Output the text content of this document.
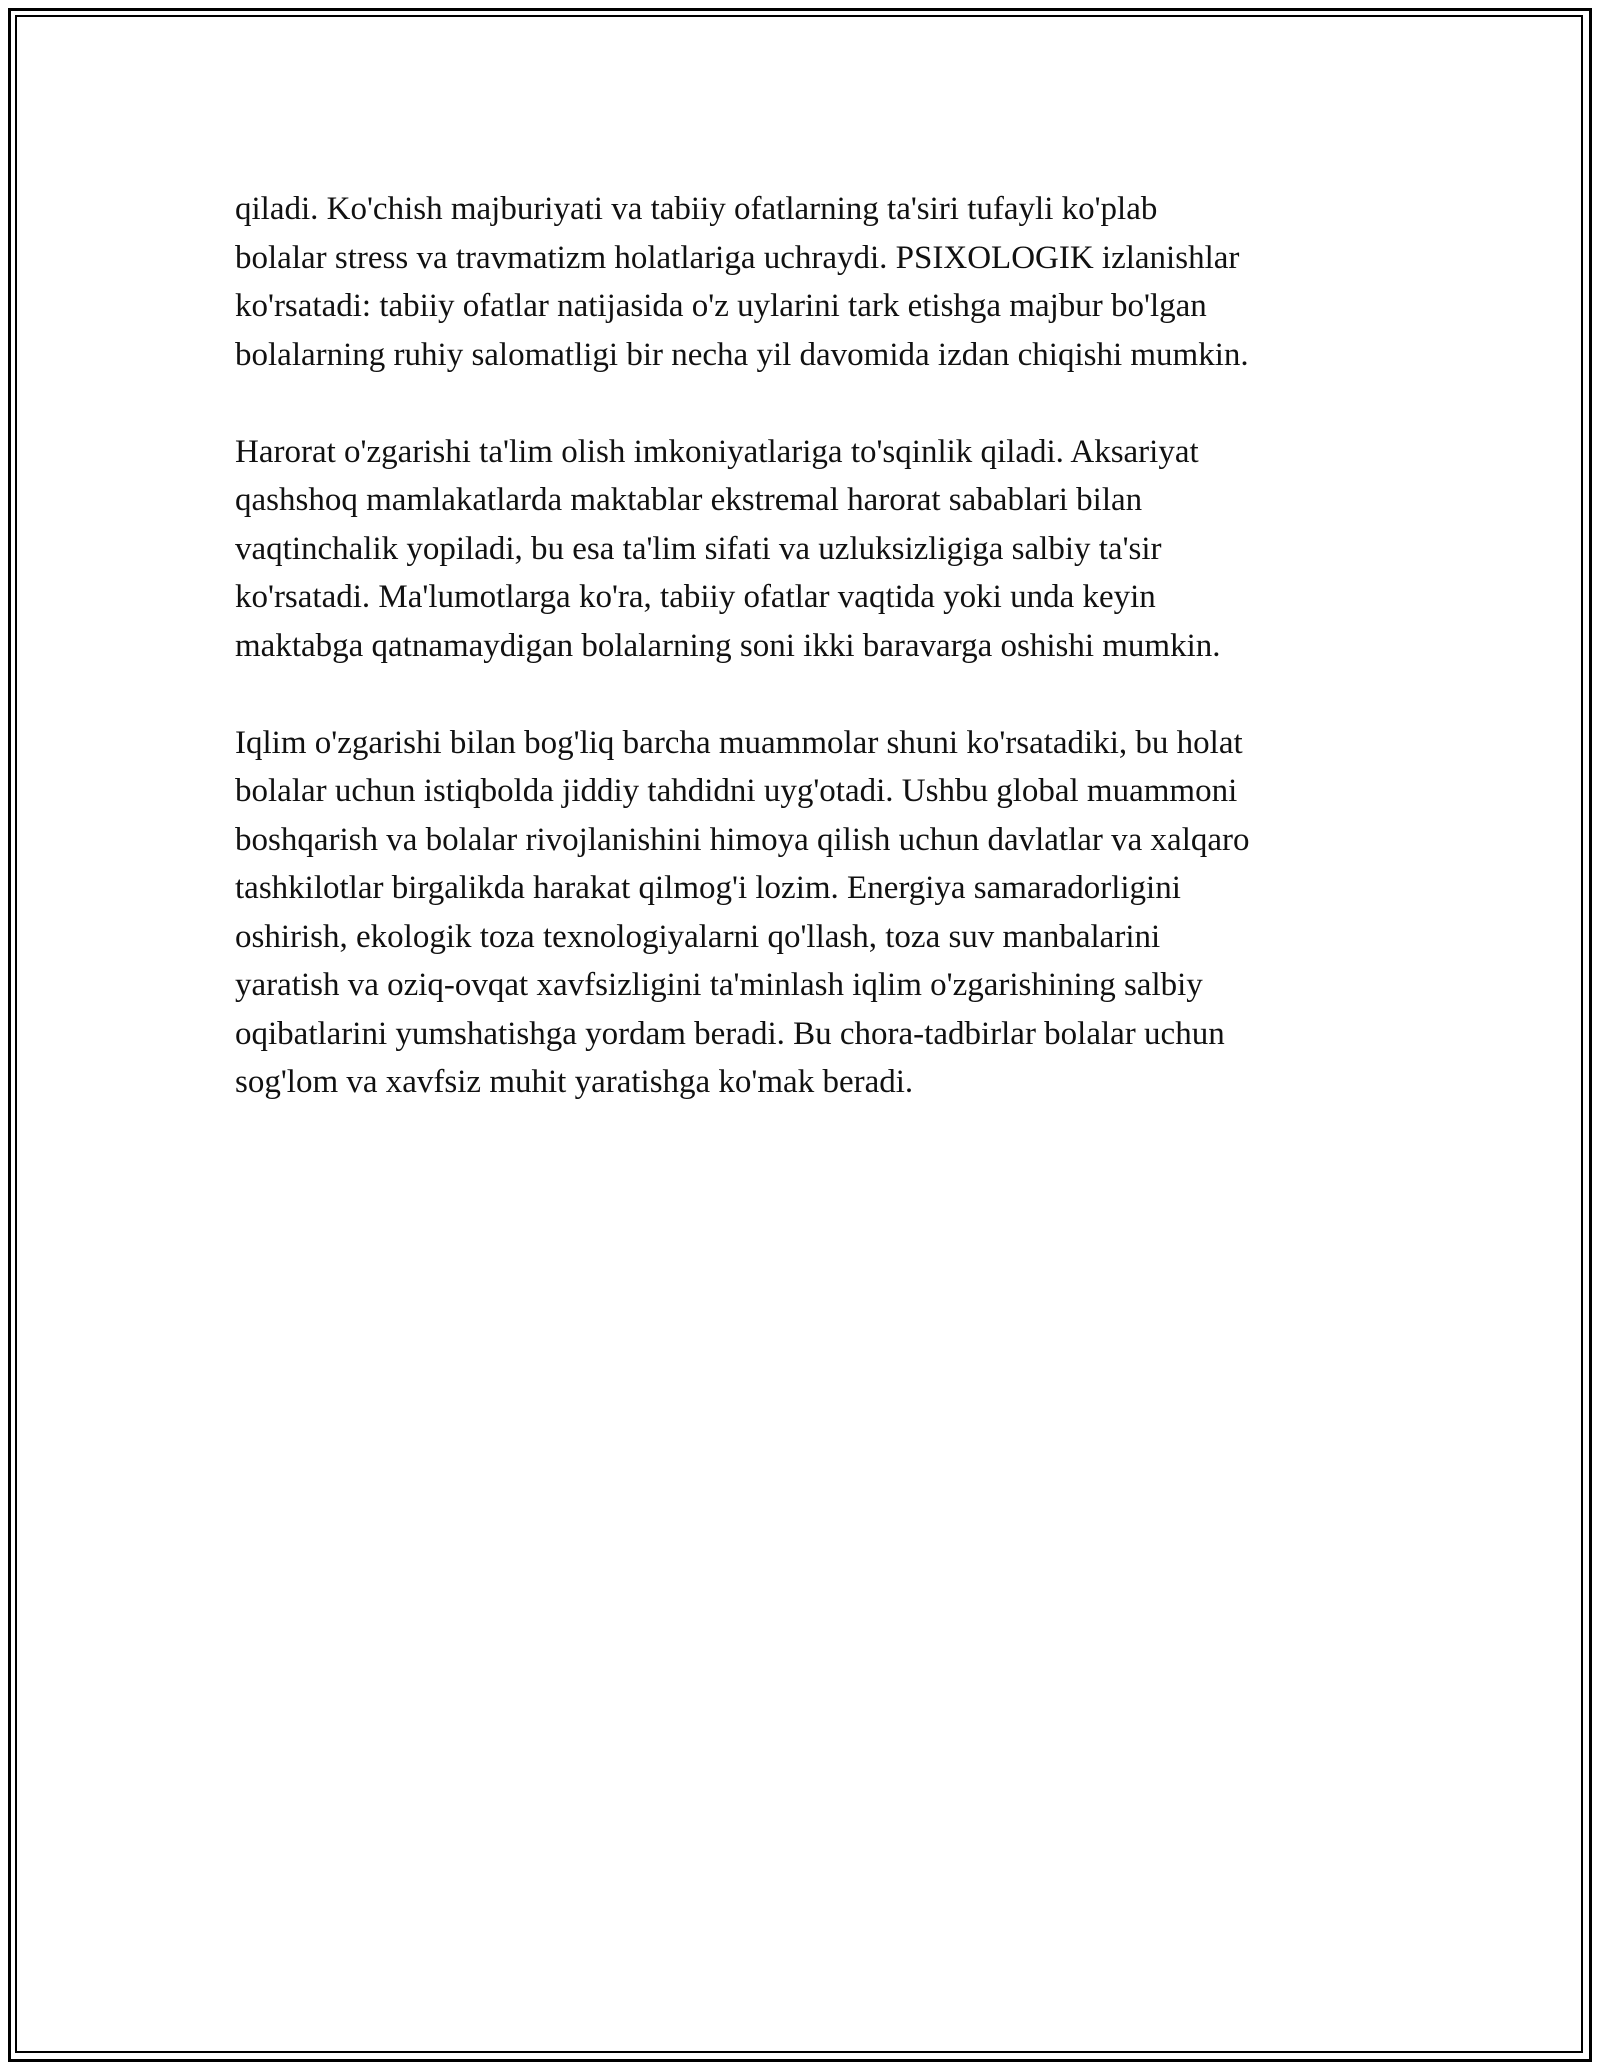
qiladi. Ko'chish majburiyati va tabiiy ofatlarning ta'siri tufayli ko'plab
bolalar stress va travmatizm holatlariga uchraydi. PSIXOLOGIK izlanishlar
ko'rsatadi: tabiiy ofatlar natijasida o'z uylarini tark etishga majbur bo'lgan
bolalarning ruhiy salomatligi bir necha yil davomida izdan chiqishi mumkin.

Harorat o'zgarishi ta'lim olish imkoniyatlariga to'sqinlik qiladi. Aksariyat
qashshoq mamlakatlarda maktablar ekstremal harorat sabablari bilan
vaqtinchalik yopiladi, bu esa ta'lim sifati va uzluksizligiga salbiy ta'sir
ko'rsatadi. Ma'lumotlarga ko'ra, tabiiy ofatlar vaqtida yoki unda keyin
maktabga qatnamaydigan bolalarning soni ikki baravarga oshishi mumkin.

Iqlim o'zgarishi bilan bog'liq barcha muammolar shuni ko'rsatadiki, bu holat
bolalar uchun istiqbolda jiddiy tahdidni uyg'otadi. Ushbu global muammoni
boshqarish va bolalar rivojlanishini himoya qilish uchun davlatlar va xalqaro
tashkilotlar birgalikda harakat qilmog'i lozim. Energiya samaradorligini
oshirish, ekologik toza texnologiyalarni qo'llash, toza suv manbalarini
yaratish va oziq-ovqat xavfsizligini ta'minlash iqlim o'zgarishining salbiy
oqibatlarini yumshatishga yordam beradi. Bu chora-tadbirlar bolalar uchun
sog'lom va xavfsiz muhit yaratishga ko'mak beradi.
